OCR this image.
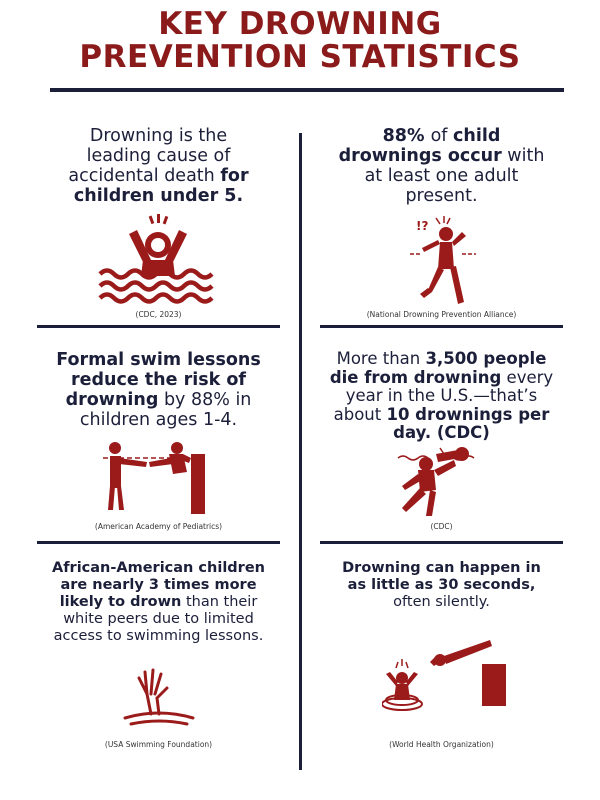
KEY DROWNING
PREVENTION STATISTICS

Drowning is the leading cause of accidental death for children under 5.

(CDC, 2023)

88% of child drownings occur with at least one adult present.

!?
(National Drowning Prevention Alliance)

Formal swim lessons reduce the risk of drowning by 88% in children ages 1-4.

(American Academy of Pediatrics)

More than 3,500 people die from drowning every year in the U.S.—that’s about 10 drownings per day. (CDC)

(CDC)

African-American children are nearly 3 times more likely to drown than their white peers due to limited access to swimming lessons.

(USA Swimming Foundation)

Drowning can happen in as little as 30 seconds, often silently.

(World Health Organization)
